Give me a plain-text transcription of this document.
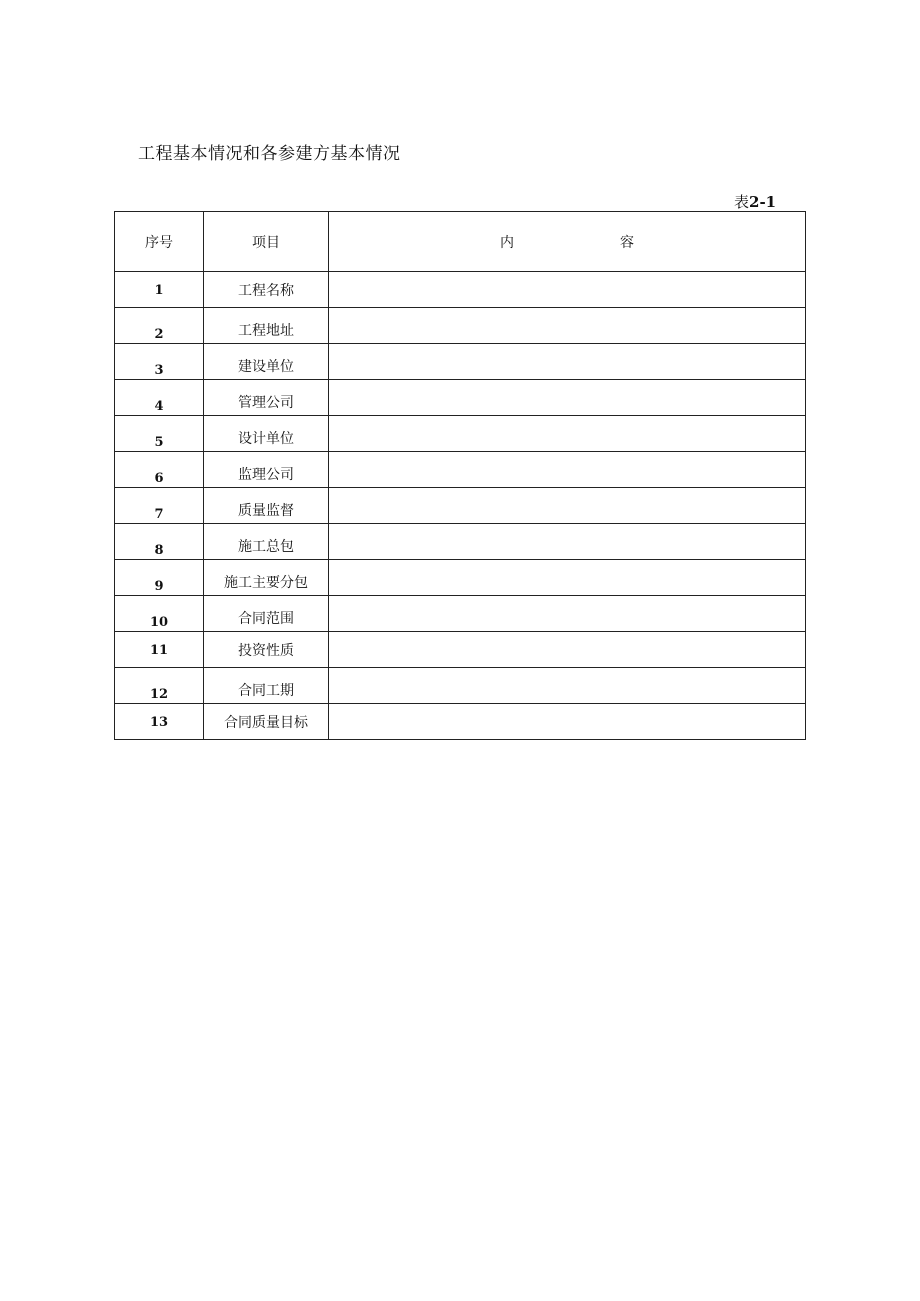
工程基本情况和各参建方基本情况
表2-1
序号	项目	内 容

1	工程名称	
2	工程地址	
3	建设单位	
4	管理公司	
5	设计单位	
6	监理公司	
7	质量监督	
8	施工总包	
9	施工主要分包	
10	合同范围	
11	投资性质	
12	合同工期	
13	合同质量目标	
